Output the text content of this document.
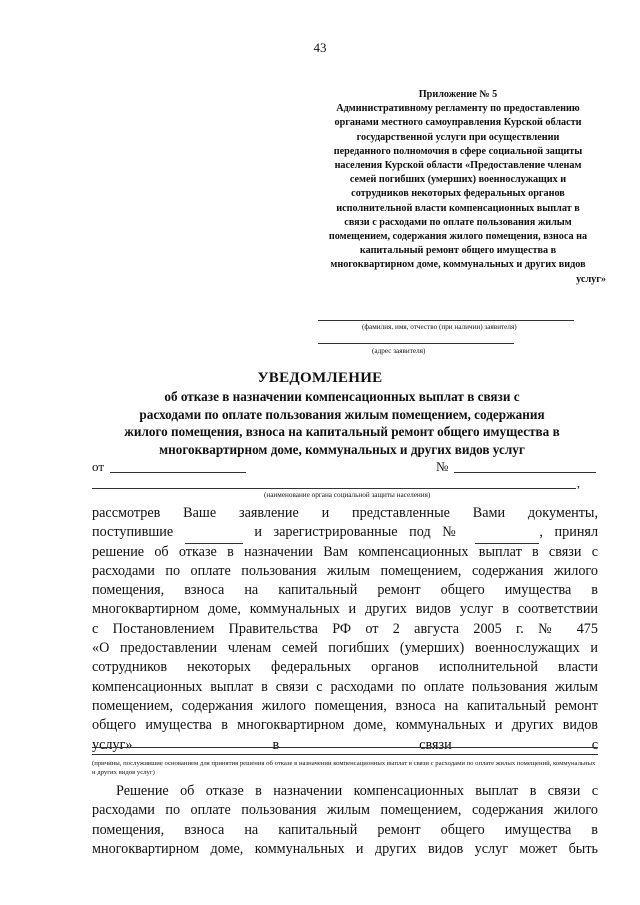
43
Приложение № 5
Административному регламенту по предоставлению
органами местного самоуправления Курской области
государственной услуги при осуществлении
переданного полномочия в сфере социальной защиты
населения Курской области «Предоставление членам
семей погибших (умерших) военнослужащих и
сотрудников некоторых федеральных органов
исполнительной власти компенсационных выплат в
связи с расходами по оплате пользования жилым
помещением, содержания жилого помещения, взноса на
капитальный ремонт общего имущества в
многоквартирном доме, коммунальных и других видов
услуг»
(фамилия, имя, отчество (при наличии) заявителя)
(адрес заявителя)
УВЕДОМЛЕНИЕ
об отказе в назначении компенсационных выплат в связи с
расходами по оплате пользования жилым помещением, содержания
жилого помещения, взноса на капитальный ремонт общего имущества в
многоквартирном доме, коммунальных и других видов услуг
от	№
,
(наименование органа социальной защиты населения)
рассмотрев Ваше заявление и представленные Вами документы,
поступившие	и зарегистрированные под №	, принял
решение об отказе в назначении Вам компенсационных выплат в связи с
расходами по оплате пользования жилым помещением, содержания жилого
помещения, взноса на капитальный ремонт общего имущества в
многоквартирном доме, коммунальных и других видов услуг в соответствии
с Постановлением Правительства РФ от 2 августа 2005 г. № 475
«О предоставлении членам семей погибших (умерших) военнослужащих и
сотрудников некоторых федеральных органов исполнительной власти
компенсационных выплат в связи с расходами по оплате пользования жилым
помещением, содержания жилого помещения, взноса на капитальный ремонт
общего имущества в многоквартирном доме, коммунальных и других видов
услуг»	в	связи	с
(причины, послужившие основанием для принятия решения об отказе в назначении компенсационных выплат в связи с расходами по оплате жилых помещений, коммунальных и других видов услуг)
Решение об отказе в назначении компенсационных выплат в связи с
расходами по оплате пользования жилым помещением, содержания жилого
помещения, взноса на капитальный ремонт общего имущества в
многоквартирном доме, коммунальных и других видов услуг может быть
